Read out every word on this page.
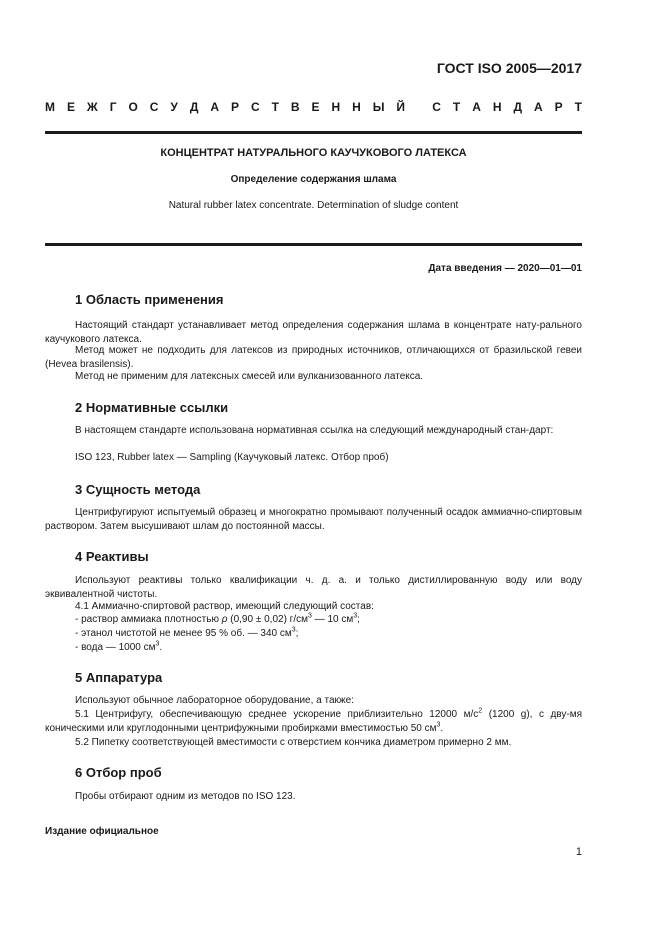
ГОСТ ISO 2005—2017
М Е Ж Г О С У Д А Р С Т В Е Н Н Ы Й
С Т А Н Д А Р Т
КОНЦЕНТРАТ НАТУРАЛЬНОГО КАУЧУКОВОГО ЛАТЕКСА
Определение содержания шлама
Natural rubber latex concentrate. Determination of sludge content
Дата введения — 2020—01—01
1 Область применения
Настоящий стандарт устанавливает метод определения содержания шлама в концентрате нату-ральнoго каучукового латекса.
Метод может не подходить для латексов из природных источников, отличающихся от бразильской гевеи (Hevea brasilensis).
Метод не применим для латексных смесей или вулканизованного латекса.
2 Нормативные ссылки
В настоящем стандарте использована нормативная ссылка на следующий международный стан-дарт:
ISO 123, Rubber latex — Sampling (Каучуковый латекс. Отбор проб)
3 Сущность метода
Центрифугируют испытуемый образец и многократно промывают полученный осадок аммиачно-спиртовым раствором. Затем высушивают шлам до постоянной массы.
4 Реактивы
Используют реактивы только квалификации ч. д. а. и только дистиллированную воду или воду эквивалентной чистоты.
4.1 Аммиачно-спиртовой раствор, имеющий следующий состав:
- раствор аммиака плотностью ρ (0,90 ± 0,02) $г/см^3$ — 10 $см^3$;
- этанол чистотой не менее 95 % об. — 340 $см^3$;
- вода — 1000 $см^3$.
5 Аппаратура
Используют обычное лабораторное оборудование, а также:
5.1 Центрифугу, обеспечивающую среднее ускорение приблизительно 12000 $м/с^2$ (1200 g), с дву-мя коническими или круглодонными центрифужными пробирками вместимостью 50 $см^3$.
5.2 Пипетку соответствующей вместимости с отверстием кончика диаметром примерно 2 мм.
6 Отбор проб
Пробы отбирают одним из методов по ISO 123.
Издание официальное
1
